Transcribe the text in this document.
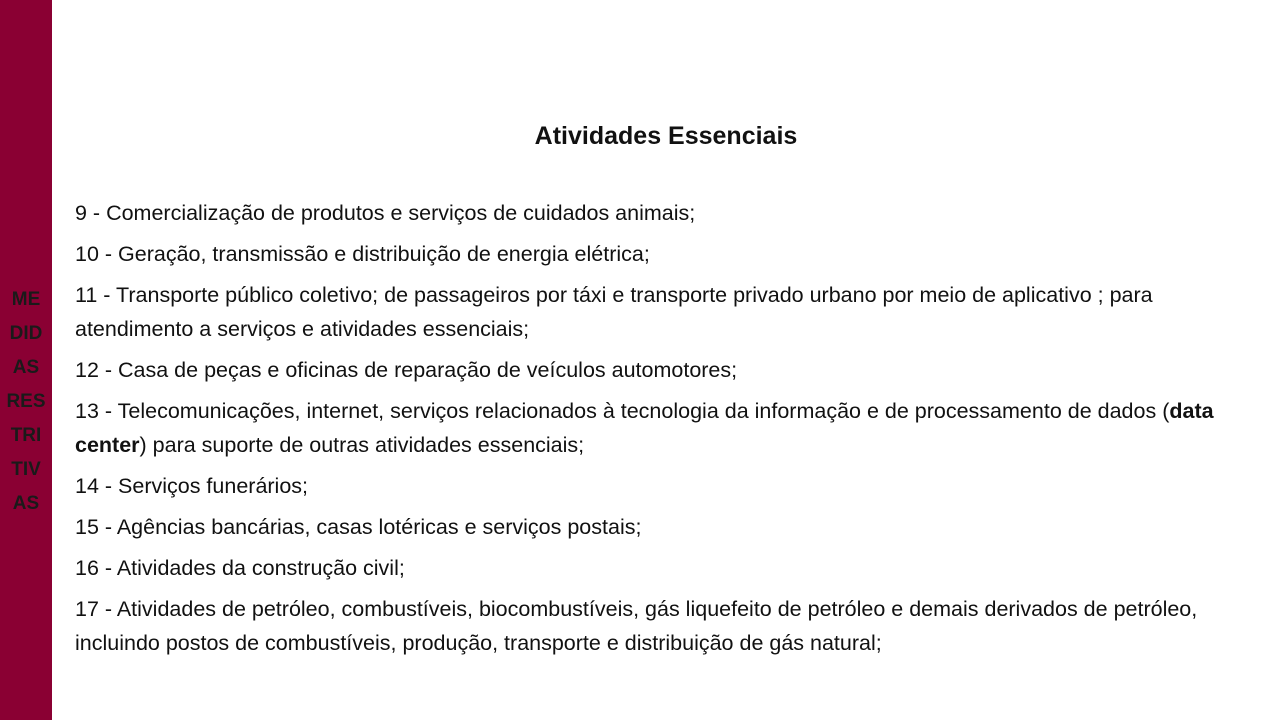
ME
DID
AS
RES
TRI
TIV
AS
Atividades Essenciais

9 - Comercialização de produtos e serviços de cuidados animais;

10 - Geração, transmissão e distribuição de energia elétrica;

11 - Transporte público coletivo; de passageiros por táxi e transporte privado urbano por meio de aplicativo ; para atendimento a serviços e atividades essenciais;

12 - Casa de peças e oficinas de reparação de veículos automotores;

13 - Telecomunicações, internet, serviços relacionados à tecnologia da informação e de processamento de dados (data center) para suporte de outras atividades essenciais;

14 - Serviços funerários;

15 - Agências bancárias, casas lotéricas e serviços postais;

16 - Atividades da construção civil;

17 - Atividades de petróleo, combustíveis, biocombustíveis, gás liquefeito de petróleo e demais derivados de petróleo, incluindo postos de combustíveis, produção, transporte e distribuição de gás natural;
